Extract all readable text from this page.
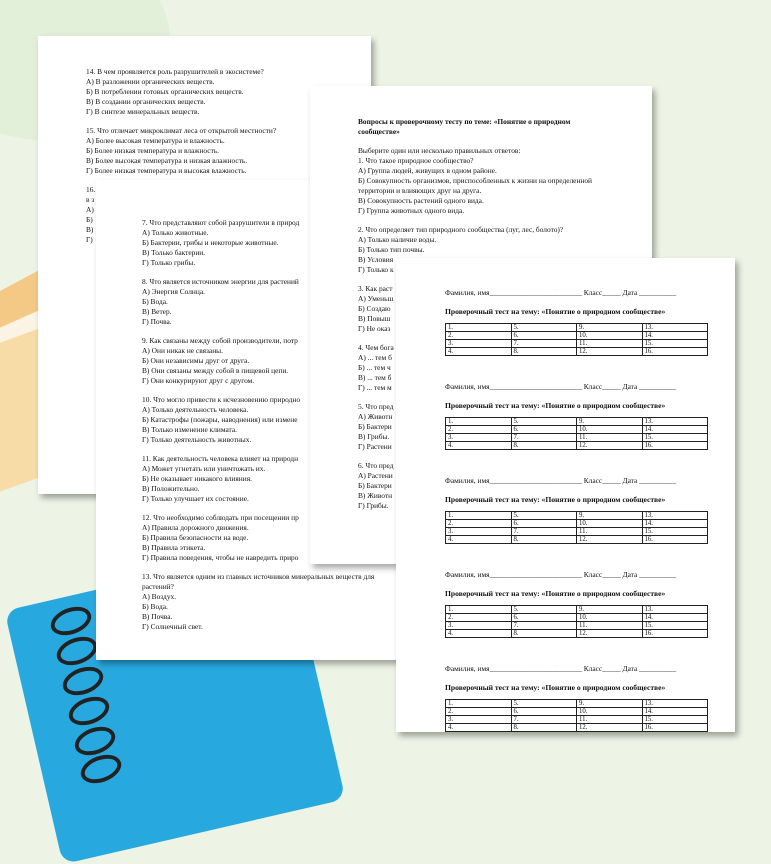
14. В чем проявляется роль разрушителей в экосистеме?

А) В разложении органических веществ.

Б) В потреблении готовых органических веществ.

В) В создании органических веществ.

Г) В синтезе минеральных веществ.

15. Что отличает микроклимат леса от открытой местности?

А) Более высокая температура и влажность.

Б) Более низкая температура и влажность.

В) Более высокая температура и низкая влажность.

Г) Более низкая температура и высокая влажность.

16.

в з

А)

Б)

В)

Г)

7. Что представляют собой разрушители в природ

А) Только животные.

Б) Бактерии, грибы и некоторые животные.

В) Только бактерии.

Г) Только грибы.

8. Что является источником энергии для растений

А) Энергия Солнца.

Б) Вода.

В) Ветер.

Г) Почва.

9. Как связаны между собой производители, потр

А) Они никак не связаны.

Б) Они независимы друг от друга.

В) Они связаны между собой в пищевой цепи.

Г) Они конкурируют друг с другом.

10. Что могло привести к исчезновению природно

А) Только деятельность человека.

Б) Катастрофы (пожары, наводнения) или измене

В) Только изменение климата.

Г) Только деятельность животных.

11. Как деятельность человека влияет на природн

А) Может угнетать или уничтожать их.

Б) Не оказывает никакого влияния.

В) Положительно.

Г) Только улучшает их состояние.

12. Что необходимо соблюдать при посещении пр

А) Правила дорожного движения.

Б) Правила безопасности на воде.

В) Правила этикета.

Г) Правила поведения, чтобы не навредить приро

13. Что является одним из главных источников минеральных веществ для

растений?

А) Воздух.

Б) Вода.

В) Почва.

Г) Солнечный свет.

Вопросы к проверочному тесту по теме: «Понятие о природном сообществе»

Выберите один или несколько правильных ответов:

1. Что такое природное сообщество?

А) Группа людей, живущих в одном районе.

Б) Совокупность организмов, приспособленных к жизни на определенной

территории и влияющих друг на друга.

В) Совокупность растений одного вида.

Г) Группа животных одного вида.

2. Что определяет тип природного сообщества (луг, лес, болото)?

А) Только наличие воды.

Б) Только тип почвы.

В) Условия

Г) Только к

3. Как раст

А) Уменьш

Б) Создаю

В) Повыш

Г) Не оказ

4. Чем бога

А) ... тем б

Б) ... тем ч

В) ... тем б

Г) ... тем м

5. Что пред

А) Животн

Б) Бактери

В) Грибы.

Г) Растени

6. Что пред

А) Растени

Б) Бактери

В) Животн

Г) Грибы.

Фамилия, имя_________________________ Класс_____ Дата __________

Проверочный тест на тему: «Понятие о природном сообществе»

1.	5.	9.	13.
2.	6.	10.	14.
3.	7.	11.	15.
4.	8.	12.	16.

Фамилия, имя_________________________ Класс_____ Дата __________

Проверочный тест на тему: «Понятие о природном сообществе»

1.	5.	9.	13.
2.	6.	10.	14.
3.	7.	11.	15.
4.	8.	12.	16.

Фамилия, имя_________________________ Класс_____ Дата __________

Проверочный тест на тему: «Понятие о природном сообществе»

1.	5.	9.	13.
2.	6.	10.	14.
3.	7.	11.	15.
4.	8.	12.	16.

Фамилия, имя_________________________ Класс_____ Дата __________

Проверочный тест на тему: «Понятие о природном сообществе»

1.	5.	9.	13.
2.	6.	10.	14.
3.	7.	11.	15.
4.	8.	12.	16.

Фамилия, имя_________________________ Класс_____ Дата __________

Проверочный тест на тему: «Понятие о природном сообществе»

1.	5.	9.	13.
2.	6.	10.	14.
3.	7.	11.	15.
4.	8.	12.	16.
